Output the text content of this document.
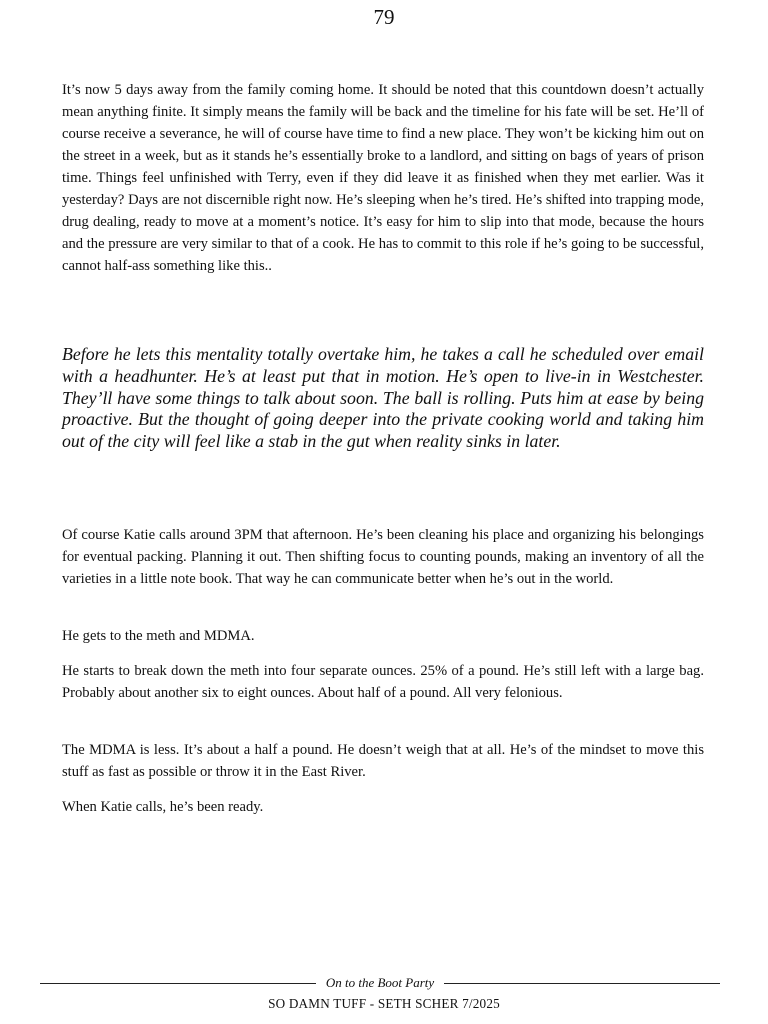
79

It’s now 5 days away from the family coming home. It should be noted that this countdown doesn’t actually mean anything finite. It simply means the family will be back and the timeline for his fate will be set. He’ll of course receive a severance, he will of course have time to find a new place. They won’t be kicking him out on the street in a week, but as it stands he’s essentially broke to a landlord, and sitting on bags of years of prison time. Things feel unfinished with Terry, even if they did leave it as finished when they met earlier. Was it yesterday? Days are not discernible right now. He’s sleeping when he’s tired. He’s shifted into trapping mode, drug dealing, ready to move at a moment’s notice. It’s easy for him to slip into that mode, because the hours and the pressure are very similar to that of a cook. He has to commit to this role if he’s going to be successful, cannot half-ass something like this..

Before he lets this mentality totally overtake him, he takes a call he scheduled over email with a headhunter. He’s at least put that in motion. He’s open to live-in in Westchester. They’ll have some things to talk about soon. The ball is rolling. Puts him at ease by being proactive. But the thought of going deeper into the private cooking world and taking him out of the city will feel like a stab in the gut when reality sinks in later.

Of course Katie calls around 3PM that afternoon. He’s been cleaning his place and organizing his belongings for eventual packing. Planning it out. Then shifting focus to counting pounds, making an inventory of all the varieties in a little note book. That way he can communicate better when he’s out in the world.

He gets to the meth and MDMA.

He starts to break down the meth into four separate ounces. 25% of a pound. He’s still left with a large bag. Probably about another six to eight ounces. About half of a pound. All very felonious.

The MDMA is less. It’s about a half a pound. He doesn’t weigh that at all. He’s of the mindset to move this stuff as fast as possible or throw it in the East River.

When Katie calls, he’s been ready.

On to the Boot Party
SO DAMN TUFF - SETH SCHER 7/2025
